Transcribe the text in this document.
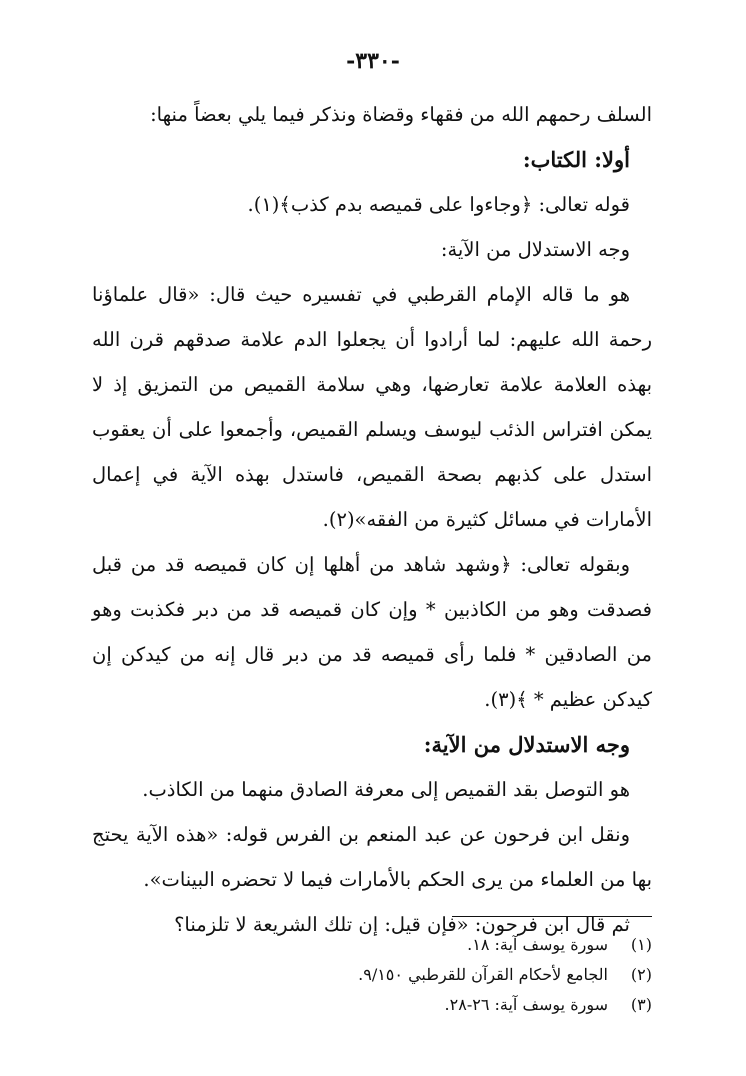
-٣٣٠-

السلف رحمهم الله من فقهاء وقضاة ونذكر فيما يلي بعضاً منها:

أولا: الكتاب:

قوله تعالى: ﴿وجاءوا على قميصه بدم كذب﴾(١).

وجه الاستدلال من الآية:

هو ما قاله الإمام القرطبي في تفسيره حيث قال: «قال علماؤنا رحمة الله عليهم: لما أرادوا أن يجعلوا الدم علامة صدقهم قرن الله بهذه العلامة علامة تعارضها، وهي سلامة القميص من التمزيق إذ لا يمكن افتراس الذئب ليوسف ويسلم القميص، وأجمعوا على أن يعقوب استدل على كذبهم بصحة القميص، فاستدل بهذه الآية في إعمال الأمارات في مسائل كثيرة من الفقه»(٢).

وبقوله تعالى: ﴿وشهد شاهد من أهلها إن كان قميصه قد من قبل فصدقت وهو من الكاذبين * وإن كان قميصه قد من دبر فكذبت وهو من الصادقين * فلما رأى قميصه قد من دبر قال إنه من كيدكن إن كيدكن عظيم * ﴾(٣).

وجه الاستدلال من الآية:

هو التوصل بقد القميص إلى معرفة الصادق منهما من الكاذب.

ونقل ابن فرحون عن عبد المنعم بن الفرس قوله: «هذه الآية يحتج بها من العلماء من يرى الحكم بالأمارات فيما لا تحضره البينات».

ثم قال ابن فرحون: «فإن قيل: إن تلك الشريعة لا تلزمنا؟

(١)سورة يوسف آية: ١٨.

(٢)الجامع لأحكام القرآن للقرطبي ٩/١٥٠.

(٣)سورة يوسف آية: ٢٦-٢٨.
